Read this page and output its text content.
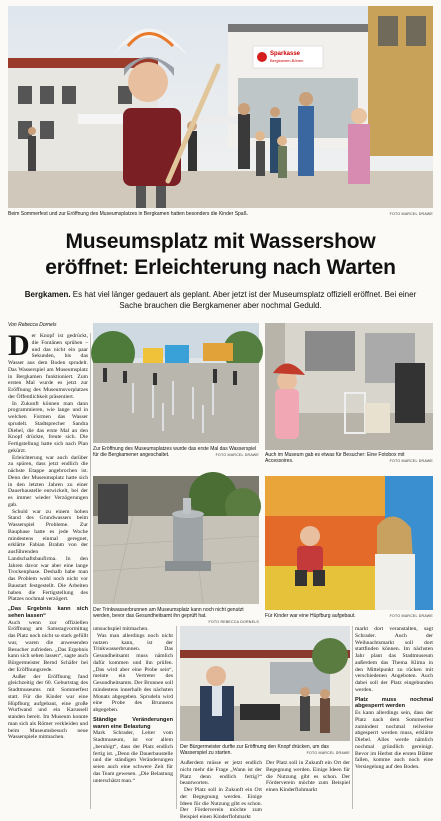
Sparkasse
Bergkamen-Bönen
FOTO MARCEL DRAWE
Beim Sommerfest und zur Eröffnung des Museumsplatzes in Bergkamen hatten besonders die Kinder Spaß.
Museumsplatz mit Wassershow
eröffnet: Erleichterung nach Warten
Bergkamen. Es hat viel länger gedauert als geplant. Aber jetzt ist der Museumsplatz offiziell eröffnet. Bei einer Sache brauchen die Bergkamener aber nochmal Geduld.
Von Rebecca Dornels
D er Knopf ist gedrückt, die Fontänen sprühen – und das nicht ein paar Sekunden, bis das Wasser aus dem Boden sprudelt. Das Wasserspiel am Museumsplatz in Bergkamen funktioniert. Zum ersten Mal wurde es jetzt zur Eröffnung des Museumsvorplatzes der Öffentlichkeit präsentiert.

In Zukunft können man dann programmieren, wie lange und in welchen Formen das Wasser sprudelt. Stadtsprecher Sandra Diebel, die das erste Mal an den Knopf drückte, freute sich. Die Fertigstellung hatte sich nach Plan gekürzt.

Erleichterung war auch darüber zu spüren, dass jetzt endlich die nächste Etappe angebrochen ist. Denn der Museumsplatz hatte sich in den letzten Jahren zu einer Dauerbaustelle entwickelt, bei der es immer wieder Verzögerungen gab.

Schuld war zu einem hohen Stand des Grundwassers beim Wasserspiel Probleme. Zur Bauphase hatte es jede Woche mindestens einmal geregnet, erklärte Fabian Brahm von der ausführenden Landschaftsbaufirma. In den Jahren davor war aber eine lange Trockenphase. Deshalb habe man das Problem wohl noch nicht vor Baustart festgestellt. Die Arbeiten haben die Fertigstellung des Platzes nochmal verzögert.

„Das Ergebnis kann sich sehen lassen“

Auch wenn zur offiziellen Eröffnung am Samstagvormittag das Platz noch nicht so stark gefüllt war, waren die anwesenden Besucher zufrieden. „Das Ergebnis kann sich sehen lassen“, sagte auch Bürgermeister Bernd Schäfer bei der Eröffnungsrede.

Außer der Eröffnung fand gleichzeitig der 60. Geburtstag des Stadtmuseums mit Sommerfest statt. Für die Kinder war eine Hüpfburg aufgebaut, eine große Wurfwand und ein Karussell standen bereit. Im Museum konnte man sich als Römer verkleiden und beim Museumsbesuch neue Wasserspiele mitmachen.

Zur Eröffnung des Museumsplatzes wurde das erste Mal das Wasserspiel für die Bergkamener angeschaltet.	FOTO MARCEL DRAWE Auch im Museum gab es etwas für Besucher: Eine Fotobox mit Accessoires.	FOTO MARCEL DRAWE
Der Trinkwasserbrunnen am Museumsplatz kann noch nicht genutzt werden, bevor das Gesundheitsamt ihn geprüft hat.
FOTO REBECCA DORNELS
Für Kinder war eine Hüpfburg aufgebaut.	FOTO MARCEL DRAWE

umsuchspiel mitmachen.

Was man allerdings noch nicht nutzen kann, ist der Trinkwasserbrunnen. Das Gesundheitsamt muss nämlich dafür kommen und ihn prüfen. „Das wird aber eine Probe sein“, meinte ein Vertreter des Gesundheitsamts. Der Brunnen soll mindestens innerhalb des nächsten Monats abgegeben. Sprudeln wird eine Probe des Brunnens abgegeben.

Ständige Veränderungen waren eine Belastung

Mark Schrader, Leiter vom Stadtmuseum, ist vor allem „beruhigt“, dass der Platz endlich fertig ist. „Denn die Dauerbaustelle und die ständigen Veränderungen seien auch eine schwere Zeit für das Team gewesen. „Die Belastung unterschätzt man.“

Der Bürgermeister durfte zur Eröffnung den Knopf drücken, um das Wasserspiel zu starten.	FOTO MARCEL DRAWE

Außerdem müsse er jetzt endlich nicht mehr die Frage „Wann ist der Platz denn endlich fertig?“ beantworten.

Der Platz soll in Zukunft ein Ort der Begegnung werden. Einige Ideen für die Nutzung gibt es schon. Der Förderverein möchte zum Beispiel einen Kinderflohmarkt

Der Platz soll in Zukunft ein Ort der Begegnung werden. Einige Ideen für die Nutzung gibt es schon. Der Förderverein möchte zum Beispiel einen Kinderflohmarkt

markt dort veranstalten, sagt Schrader. Auch der Weihnachtsmarkt soll dort stattfinden können. Im nächsten Jahr plant das Stadtmuseum außerdem das Thema Klima in den Mittelpunkt zu rücken mit verschiedenen Angeboten. Auch dabei soll der Platz eingebunden werden.

Platz muss nochmal abgesperrt werden

Es kann allerdings sein, dass der Platz nach dem Sommerfest zumindest nochmal teilweise abgesperrt werden muss, erklärte Diebel. Alles werde nämlich nochmal gründlich gereinigt. Bevor im Herbst die ersten Blätter fallen, komme auch noch eine Versiegelung auf den Boden.
